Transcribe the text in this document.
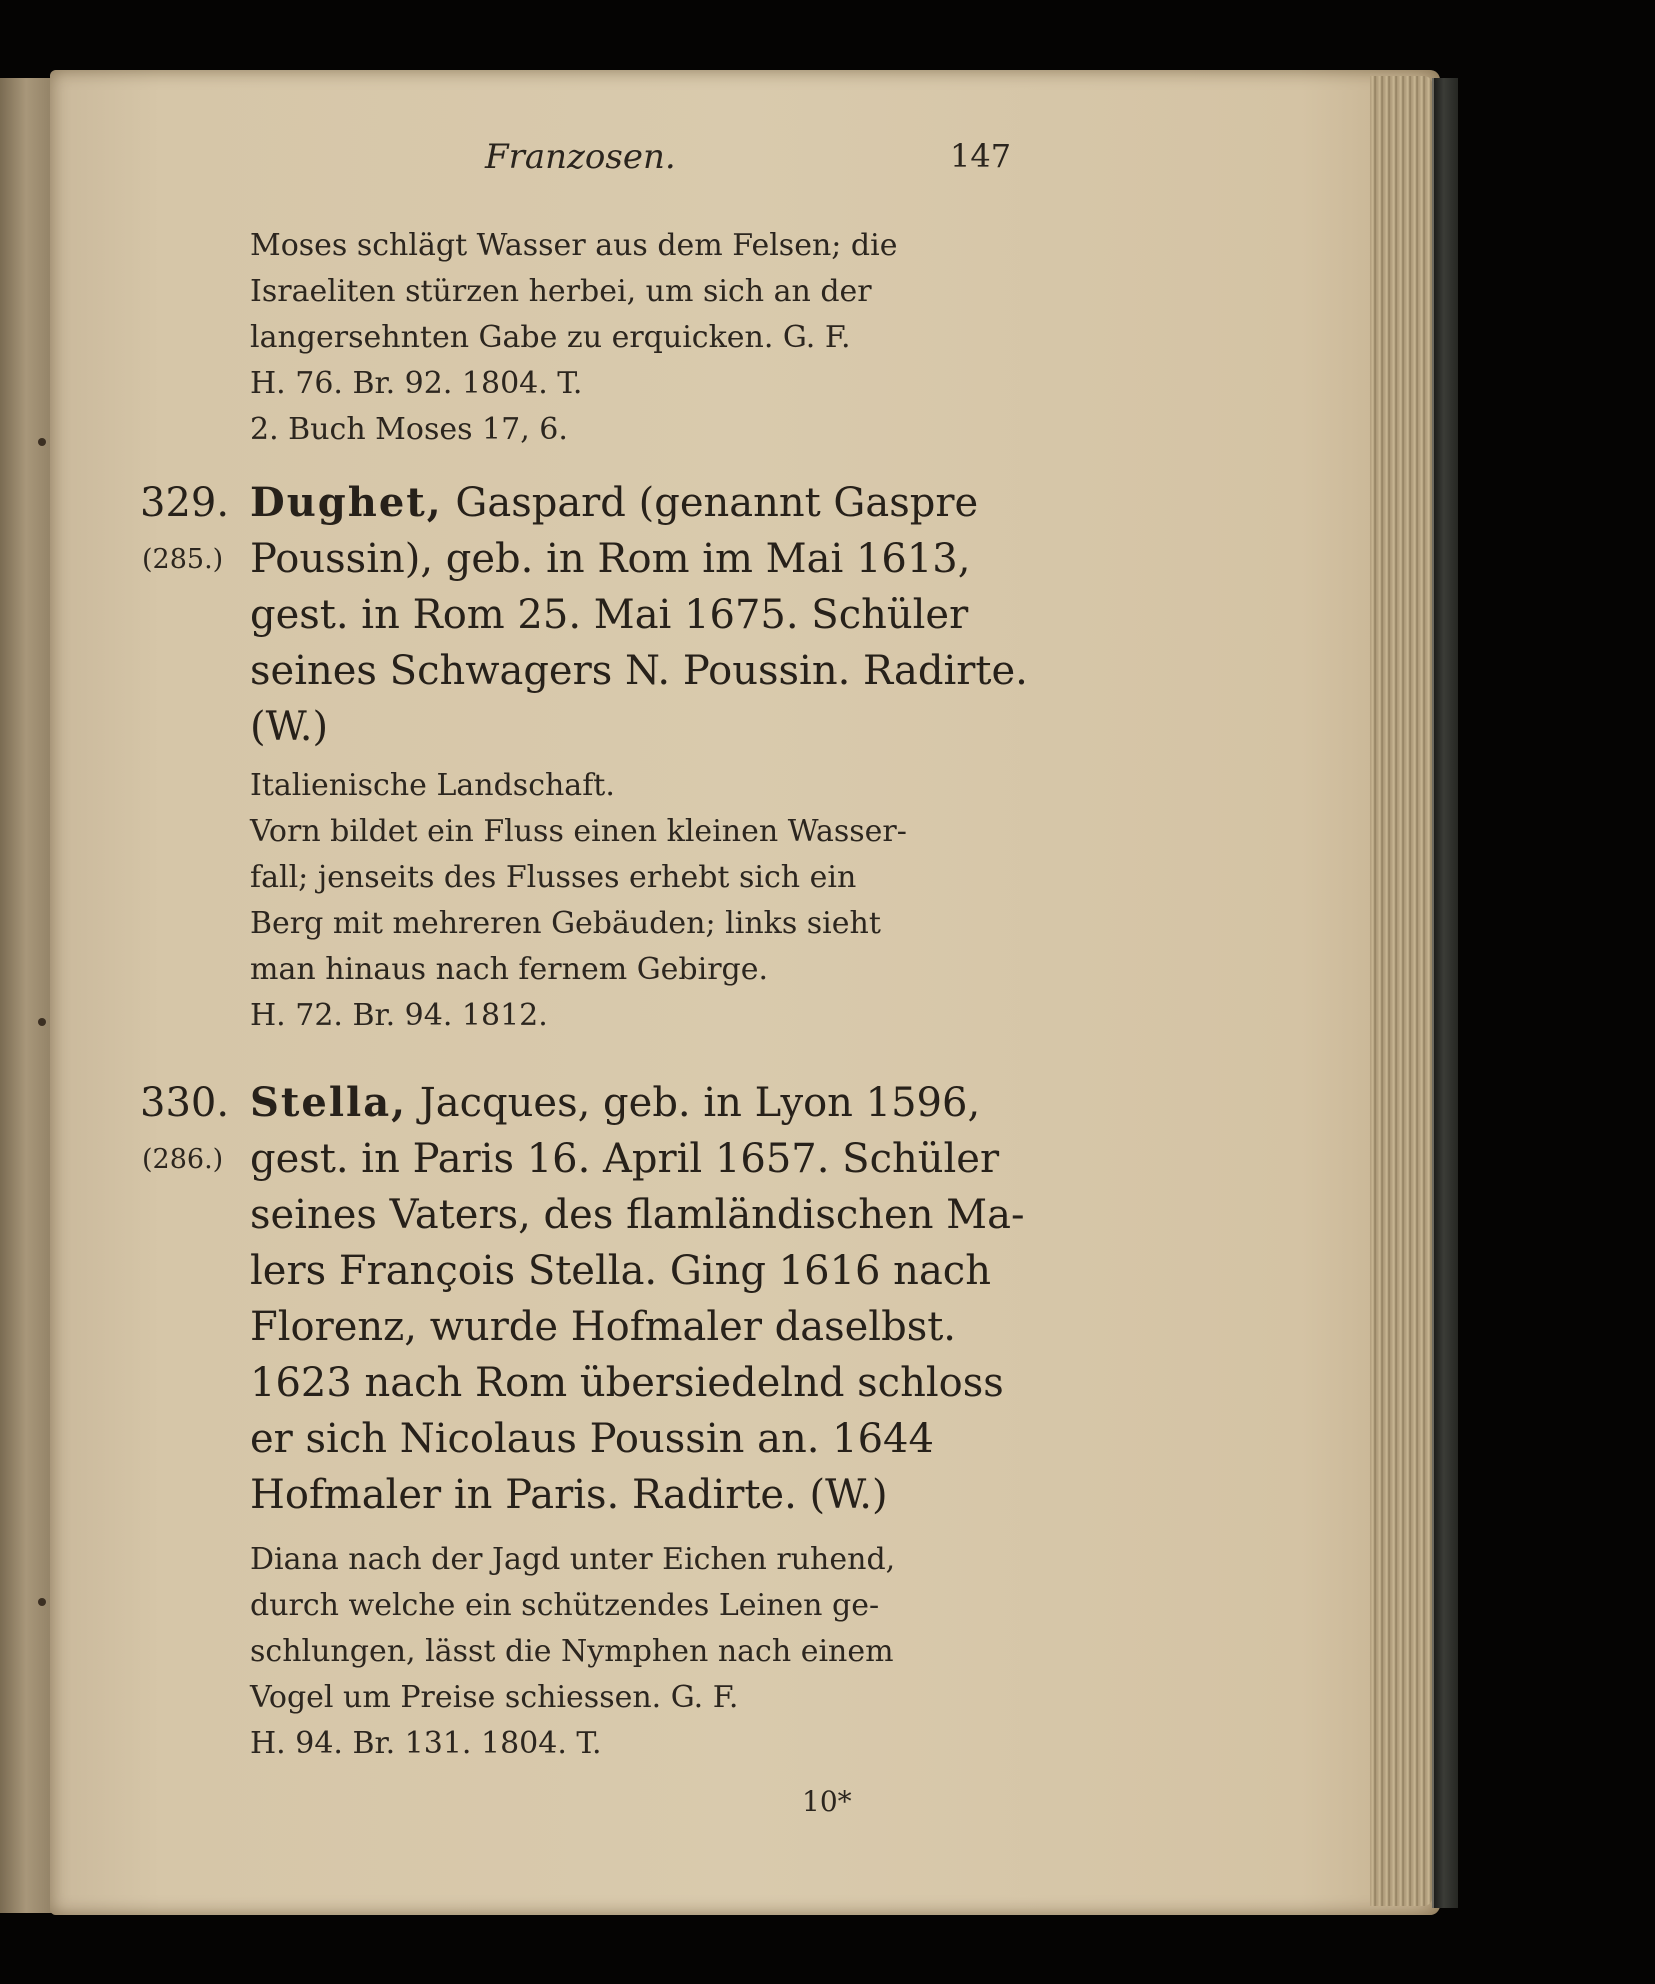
Franzosen.	147
Moses schlägt Wasser aus dem Felsen; die
Israeliten stürzen herbei, um sich an der
langersehnten Gabe zu erquicken. G. F.
H. 76. Br. 92. 1804. T.
2. Buch Moses 17, 6.
329.
(285.)
Dughet, Gaspard (genannt Gaspre
Poussin), geb. in Rom im Mai 1613,
gest. in Rom 25. Mai 1675. Schüler
seines Schwagers N. Poussin. Radirte.
(W.)
Italienische Landschaft.
Vorn bildet ein Fluss einen kleinen Wasser-
fall; jenseits des Flusses erhebt sich ein
Berg mit mehreren Gebäuden; links sieht
man hinaus nach fernem Gebirge.
H. 72. Br. 94. 1812.
330.
(286.)
Stella, Jacques, geb. in Lyon 1596,
gest. in Paris 16. April 1657. Schüler
seines Vaters, des flamländischen Ma-
lers François Stella. Ging 1616 nach
Florenz, wurde Hofmaler daselbst.
1623 nach Rom übersiedelnd schloss
er sich Nicolaus Poussin an. 1644
Hofmaler in Paris. Radirte. (W.)
Diana nach der Jagd unter Eichen ruhend,
durch welche ein schützendes Leinen ge-
schlungen, lässt die Nymphen nach einem
Vogel um Preise schiessen. G. F.
H. 94. Br. 131. 1804. T.
10*
